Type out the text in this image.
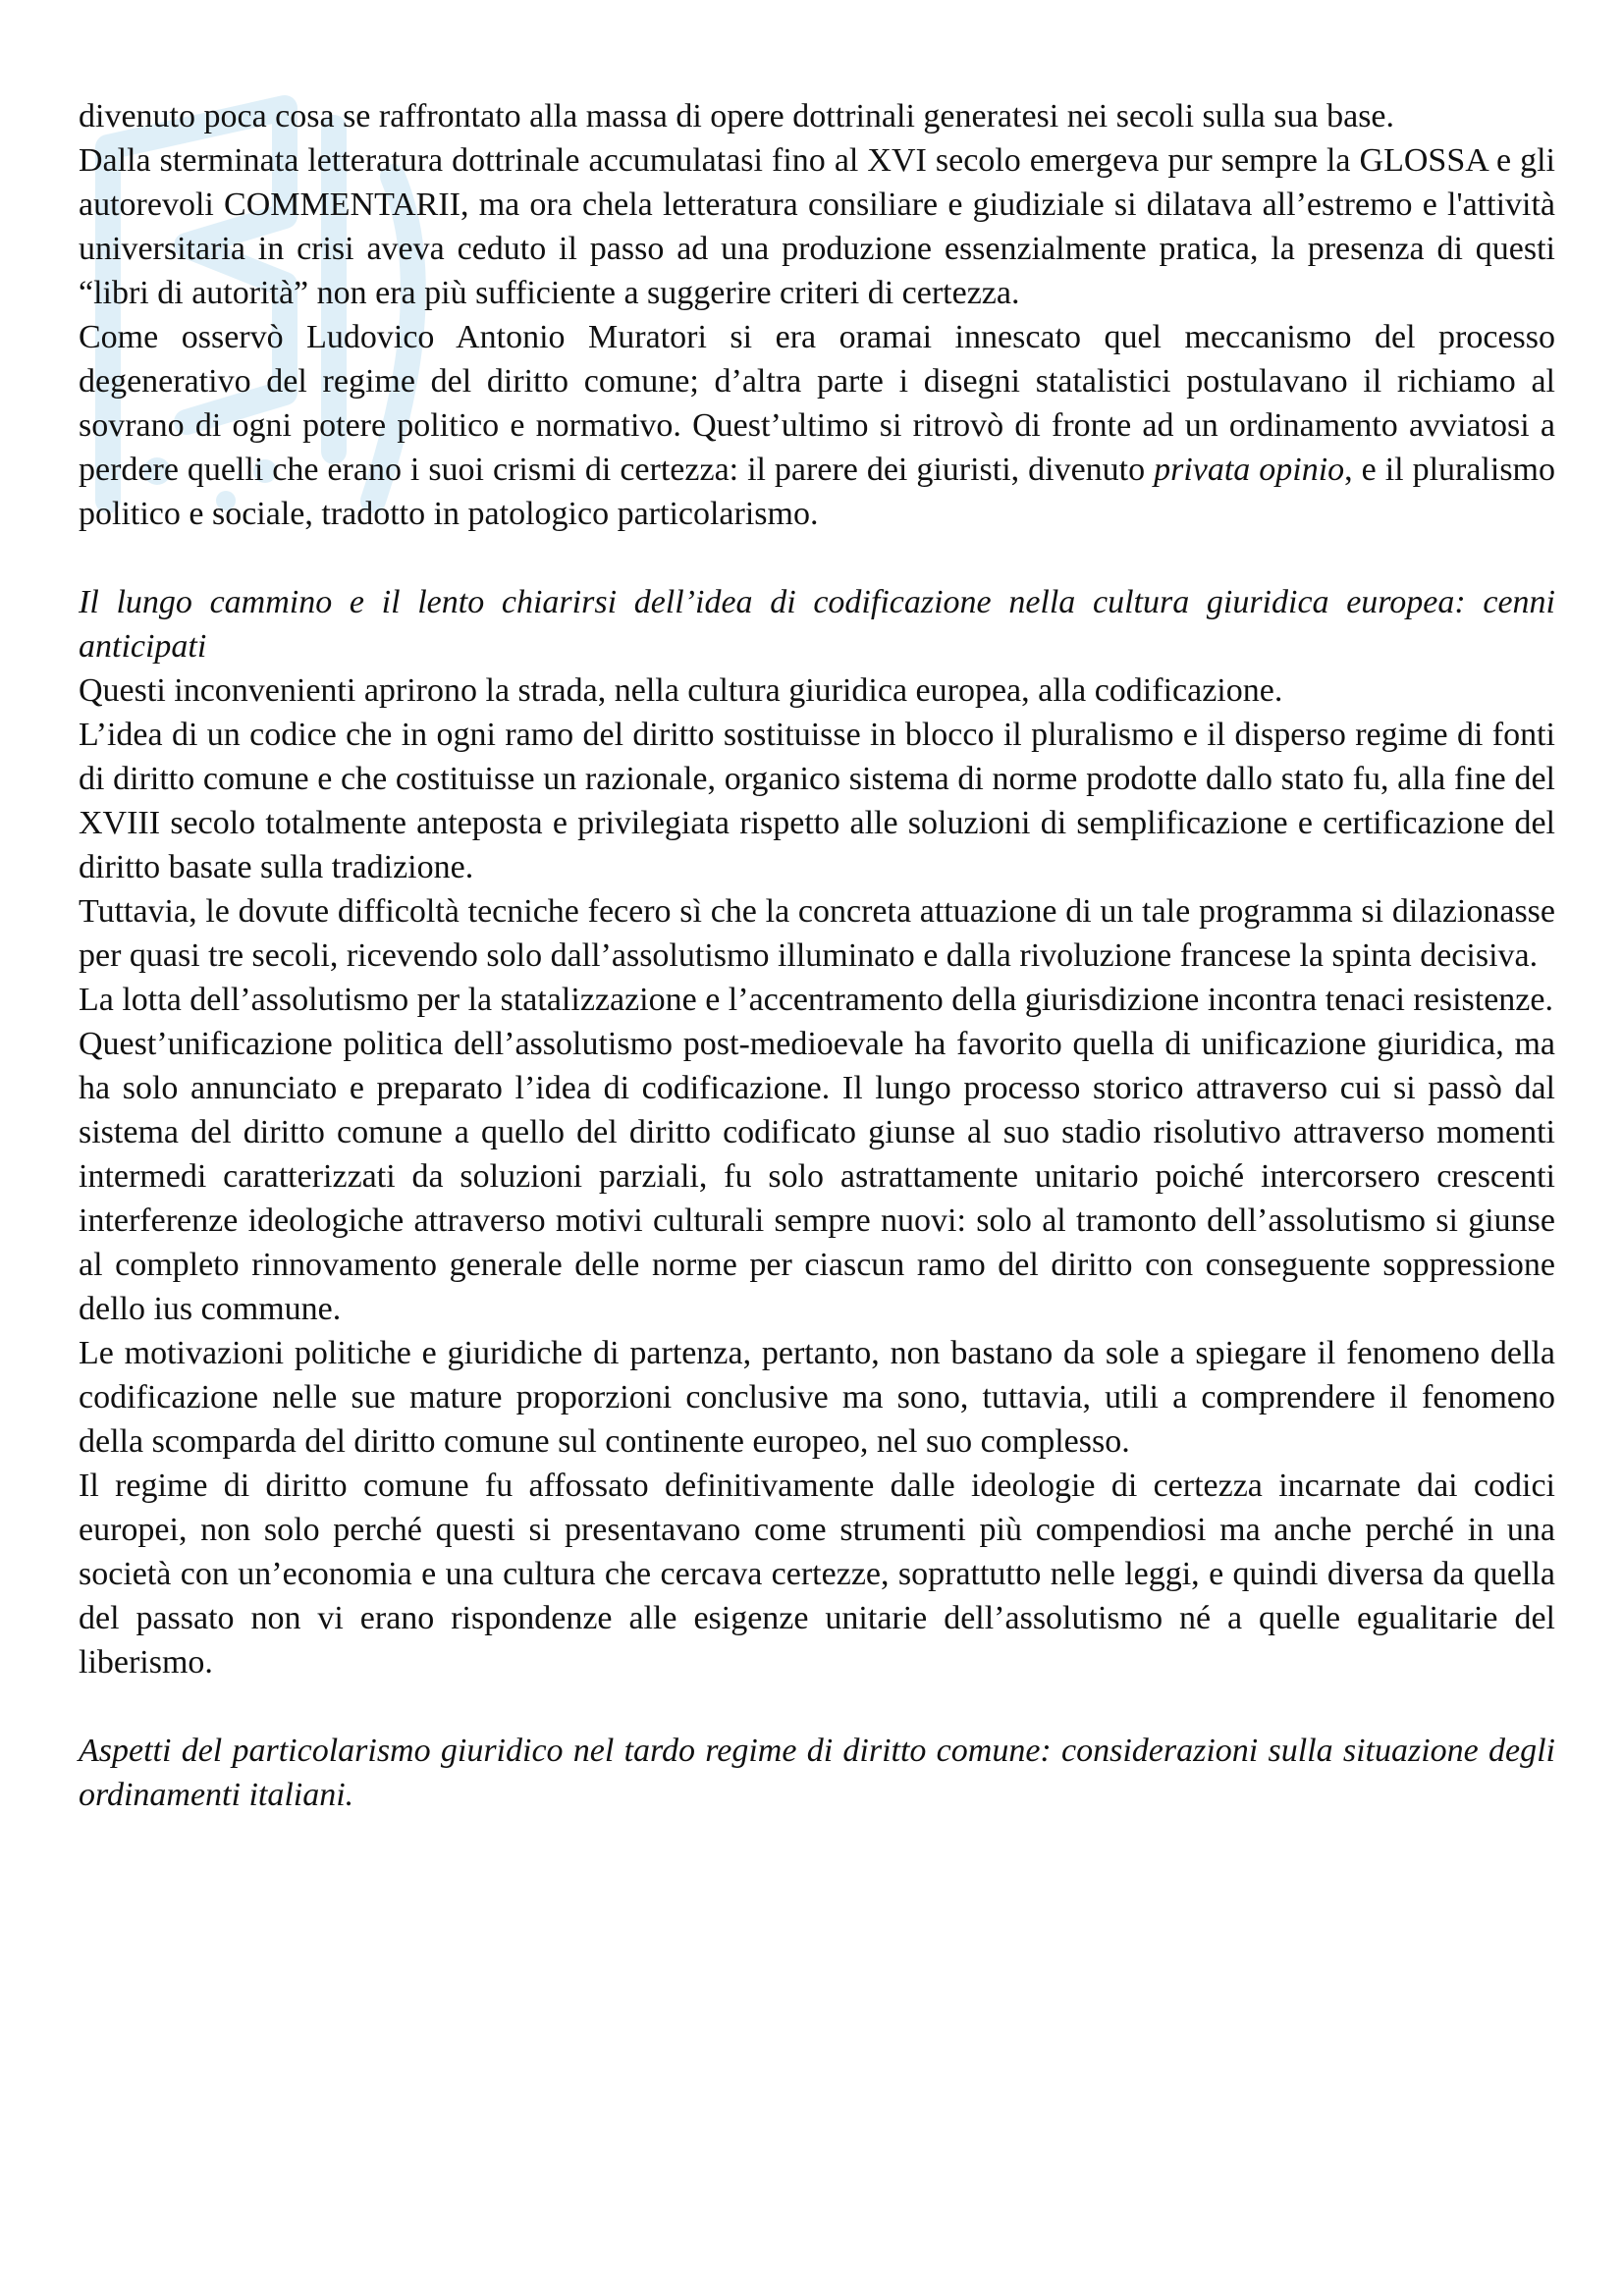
divenuto poca cosa se raffrontato alla massa di opere dottrinali generatesi nei secoli sulla sua base.

Dalla sterminata letteratura dottrinale accumulatasi fino al XVI secolo emergeva pur sempre la GLOSSA e gli autorevoli COMMENTARII, ma ora chela letteratura consiliare e giudiziale si dilatava all’estremo e l'attività universitaria in crisi aveva ceduto il passo ad una produzione essenzialmente pratica, la presenza di questi “libri di autorità” non era più sufficiente a suggerire criteri di certezza.

Come osservò Ludovico Antonio Muratori si era oramai innescato quel meccanismo del processo degenerativo del regime del diritto comune; d’altra parte i disegni statalistici postulavano il richiamo al sovrano di ogni potere politico e normativo. Quest’ultimo si ritrovò di fronte ad un ordinamento avviatosi a perdere quelli che erano i suoi crismi di certezza: il parere dei giuristi, divenuto privata opinio, e il pluralismo politico e sociale, tradotto in patologico particolarismo.

Il lungo cammino e il lento chiarirsi dell’idea di codificazione nella cultura giuridica europea: cenni anticipati

Questi inconvenienti aprirono la strada, nella cultura giuridica europea, alla codificazione.

L’idea di un codice che in ogni ramo del diritto sostituisse in blocco il pluralismo e il disperso regime di fonti di diritto comune e che costituisse un razionale, organico sistema di norme prodotte dallo stato fu, alla fine del XVIII secolo totalmente anteposta e privilegiata rispetto alle soluzioni di semplificazione e certificazione del diritto basate sulla tradizione.

Tuttavia, le dovute difficoltà tecniche fecero sì che la concreta attuazione di un tale programma si dilazionasse per quasi tre secoli, ricevendo solo dall’assolutismo illuminato e dalla rivoluzione francese la spinta decisiva.

La lotta dell’assolutismo per la statalizzazione e l’accentramento della giurisdizione incontra tenaci resistenze.

Quest’unificazione politica dell’assolutismo post-medioevale ha favorito quella di unificazione giuridica, ma ha solo annunciato e preparato l’idea di codificazione. Il lungo processo storico attraverso cui si passò dal sistema del diritto comune a quello del diritto codificato giunse al suo stadio risolutivo attraverso momenti intermedi caratterizzati da soluzioni parziali, fu solo astrattamente unitario poiché intercorsero crescenti interferenze ideologiche attraverso motivi culturali sempre nuovi: solo al tramonto dell’assolutismo si giunse al completo rinnovamento generale delle norme per ciascun ramo del diritto con conseguente soppressione dello ius commune.

Le motivazioni politiche e giuridiche di partenza, pertanto, non bastano da sole a spiegare il fenomeno della codificazione nelle sue mature proporzioni conclusive ma sono, tuttavia, utili a comprendere il fenomeno della scomparda del diritto comune sul continente europeo, nel suo complesso.

Il regime di diritto comune fu affossato definitivamente dalle ideologie di certezza incarnate dai codici europei, non solo perché questi si presentavano come strumenti più compendiosi ma anche perché in una società con un’economia e una cultura che cercava certezze, soprattutto nelle leggi, e quindi diversa da quella del passato non vi erano rispondenze alle esigenze unitarie dell’assolutismo né a quelle egualitarie del liberismo.

Aspetti del particolarismo giuridico nel tardo regime di diritto comune: considerazioni sulla situazione degli ordinamenti italiani.
